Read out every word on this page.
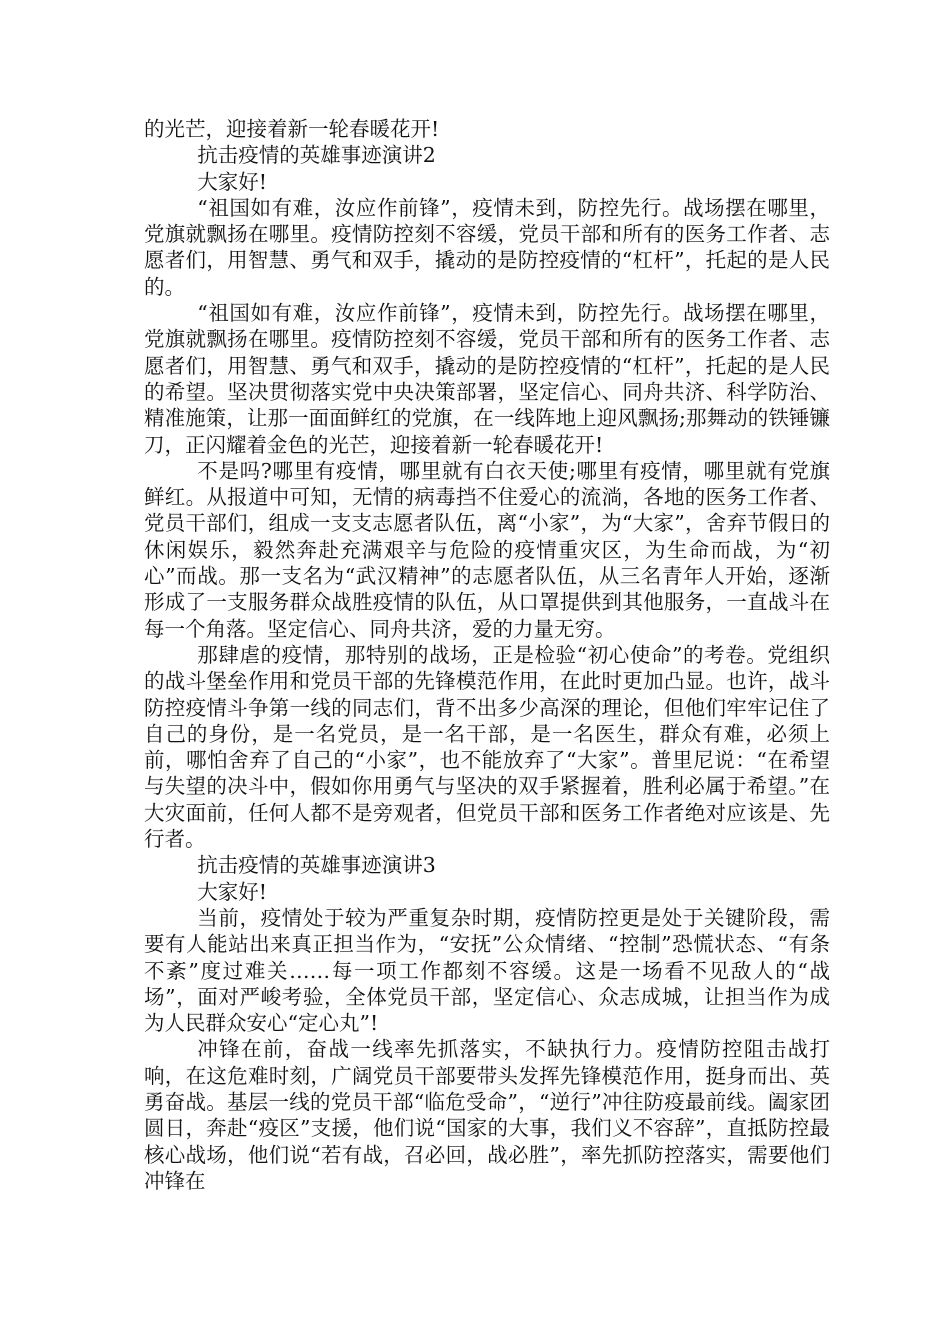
的光芒，迎接着新一轮春暖花开!

抗击疫情的英雄事迹演讲2

大家好!

“祖国如有难，汝应作前锋”，疫情未到，防控先行。战场摆在哪里，党旗就飘扬在哪里。疫情防控刻不容缓，党员干部和所有的医务工作者、志愿者们，用智慧、勇气和双手，撬动的是防控疫情的“杠杆”，托起的是人民的。

“祖国如有难，汝应作前锋”，疫情未到，防控先行。战场摆在哪里，党旗就飘扬在哪里。疫情防控刻不容缓，党员干部和所有的医务工作者、志愿者们，用智慧、勇气和双手，撬动的是防控疫情的“杠杆”，托起的是人民的希望。坚决贯彻落实党中央决策部署，坚定信心、同舟共济、科学防治、精准施策，让那一面面鲜红的党旗，在一线阵地上迎风飘扬;那舞动的铁锤镰刀，正闪耀着金色的光芒，迎接着新一轮春暖花开!

不是吗?哪里有疫情，哪里就有白衣天使;哪里有疫情，哪里就有党旗鲜红。从报道中可知，无情的病毒挡不住爱心的流淌，各地的医务工作者、党员干部们，组成一支支志愿者队伍，离“小家”，为“大家”，舍弃节假日的休闲娱乐，毅然奔赴充满艰辛与危险的疫情重灾区，为生命而战，为“初心”而战。那一支名为“武汉精神”的志愿者队伍，从三名青年人开始，逐渐形成了一支服务群众战胜疫情的队伍，从口罩提供到其他服务，一直战斗在每一个角落。坚定信心、同舟共济，爱的力量无穷。

那肆虐的疫情，那特别的战场，正是检验“初心使命”的考卷。党组织的战斗堡垒作用和党员干部的先锋模范作用，在此时更加凸显。也许，战斗防控疫情斗争第一线的同志们，背不出多少高深的理论，但他们牢牢记住了自己的身份，是一名党员，是一名干部，是一名医生，群众有难，必须上前，哪怕舍弃了自己的“小家”，也不能放弃了“大家”。普里尼说：“在希望与失望的决斗中，假如你用勇气与坚决的双手紧握着，胜利必属于希望。”在大灾面前，任何人都不是旁观者，但党员干部和医务工作者绝对应该是、先行者。

抗击疫情的英雄事迹演讲3

大家好!

当前，疫情处于较为严重复杂时期，疫情防控更是处于关键阶段，需要有人能站出来真正担当作为，“安抚”公众情绪、“控制”恐慌状态、“有条不紊”度过难关……每一项工作都刻不容缓。这是一场看不见敌人的“战场”，面对严峻考验，全体党员干部，坚定信心、众志成城，让担当作为成为人民群众安心“定心丸”!

冲锋在前，奋战一线率先抓落实，不缺执行力。疫情防控阻击战打响，在这危难时刻，广阔党员干部要带头发挥先锋模范作用，挺身而出、英勇奋战。基层一线的党员干部“临危受命”，“逆行”冲往防疫最前线。阖家团圆日，奔赴“疫区”支援，他们说“国家的大事，我们义不容辞”，直抵防控最核心战场，他们说“若有战，召必回，战必胜”，率先抓防控落实，需要他们冲锋在
